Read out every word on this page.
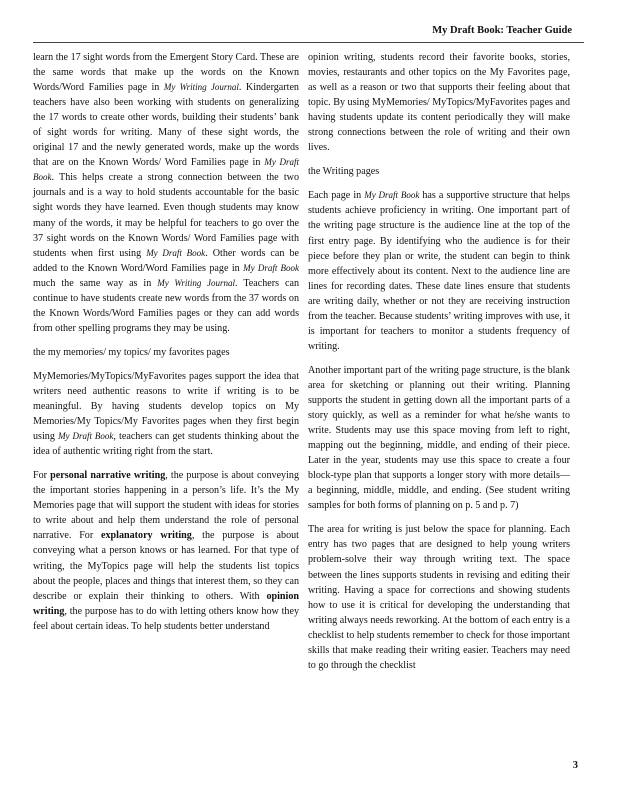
My Draft Book: Teacher Guide

learn the 17 sight words from the Emergent Story Card. These are the same words that make up the words on the Known Words/Word Families page in My Writing Journal. Kindergarten teachers have also been working with students on generalizing the 17 words to create other words, building their students’ bank of sight words for writing. Many of these sight words, the original 17 and the newly generated words, make up the words that are on the Known Words/ Word Families page in My Draft Book. This helps create a strong connection between the two journals and is a way to hold students accountable for the basic sight words they have learned. Even though students may know many of the words, it may be helpful for teachers to go over the 37 sight words on the Known Words/ Word Families page with students when first using My Draft Book. Other words can be added to the Known Word/Word Families page in My Draft Book much the same way as in My Writing Journal. Teachers can continue to have students create new words from the 37 words on the Known Words/Word Families pages or they can add words from other spelling programs they may be using.

the my memories/ my topics/ my favorites pages

MyMemories/MyTopics/MyFavorites pages support the idea that writers need authentic reasons to write if writing is to be meaningful. By having students develop topics on My Memories/My Topics/My Favorites pages when they first begin using My Draft Book, teachers can get students thinking about the idea of authentic writing right from the start.

For personal narrative writing, the purpose is about conveying the important stories happening in a person’s life. It’s the My Memories page that will support the student with ideas for stories to write about and help them understand the role of personal narrative. For explanatory writing, the purpose is about conveying what a person knows or has learned. For that type of writing, the MyTopics page will help the students list topics about the people, places and things that interest them, so they can describe or explain their thinking to others. With opinion writing, the purpose has to do with letting others know how they feel about certain ideas. To help students better understand

opinion writing, students record their favorite books, stories, movies, restaurants and other topics on the My Favorites page, as well as a reason or two that supports their feeling about that topic. By using MyMemories/ MyTopics/MyFavorites pages and having students update its content periodically they will make strong connections between the role of writing and their own lives.

the Writing pages

Each page in My Draft Book has a supportive structure that helps students achieve proficiency in writing. One important part of the writing page structure is the audience line at the top of the first entry page. By identifying who the audience is for their piece before they plan or write, the student can begin to think more effectively about its content. Next to the audience line are lines for recording dates. These date lines ensure that students are writing daily, whether or not they are receiving instruction from the teacher. Because students’ writing improves with use, it is important for teachers to monitor a students frequency of writing.

Another important part of the writing page structure, is the blank area for sketching or planning out their writing. Planning supports the student in getting down all the important parts of a story quickly, as well as a reminder for what he/she wants to write. Students may use this space moving from left to right, mapping out the beginning, middle, and ending of their piece. Later in the year, students may use this space to create a four block-type plan that supports a longer story with more details—a beginning, middle, middle, and ending. (See student writing samples for both forms of planning on p. 5 and p. 7)

The area for writing is just below the space for planning. Each entry has two pages that are designed to help young writers problem-solve their way through writing text. The space between the lines supports students in revising and editing their writing. Having a space for corrections and showing students how to use it is critical for developing the understanding that writing always needs reworking. At the bottom of each entry is a checklist to help students remember to check for those important skills that make reading their writing easier. Teachers may need to go through the checklist

3
